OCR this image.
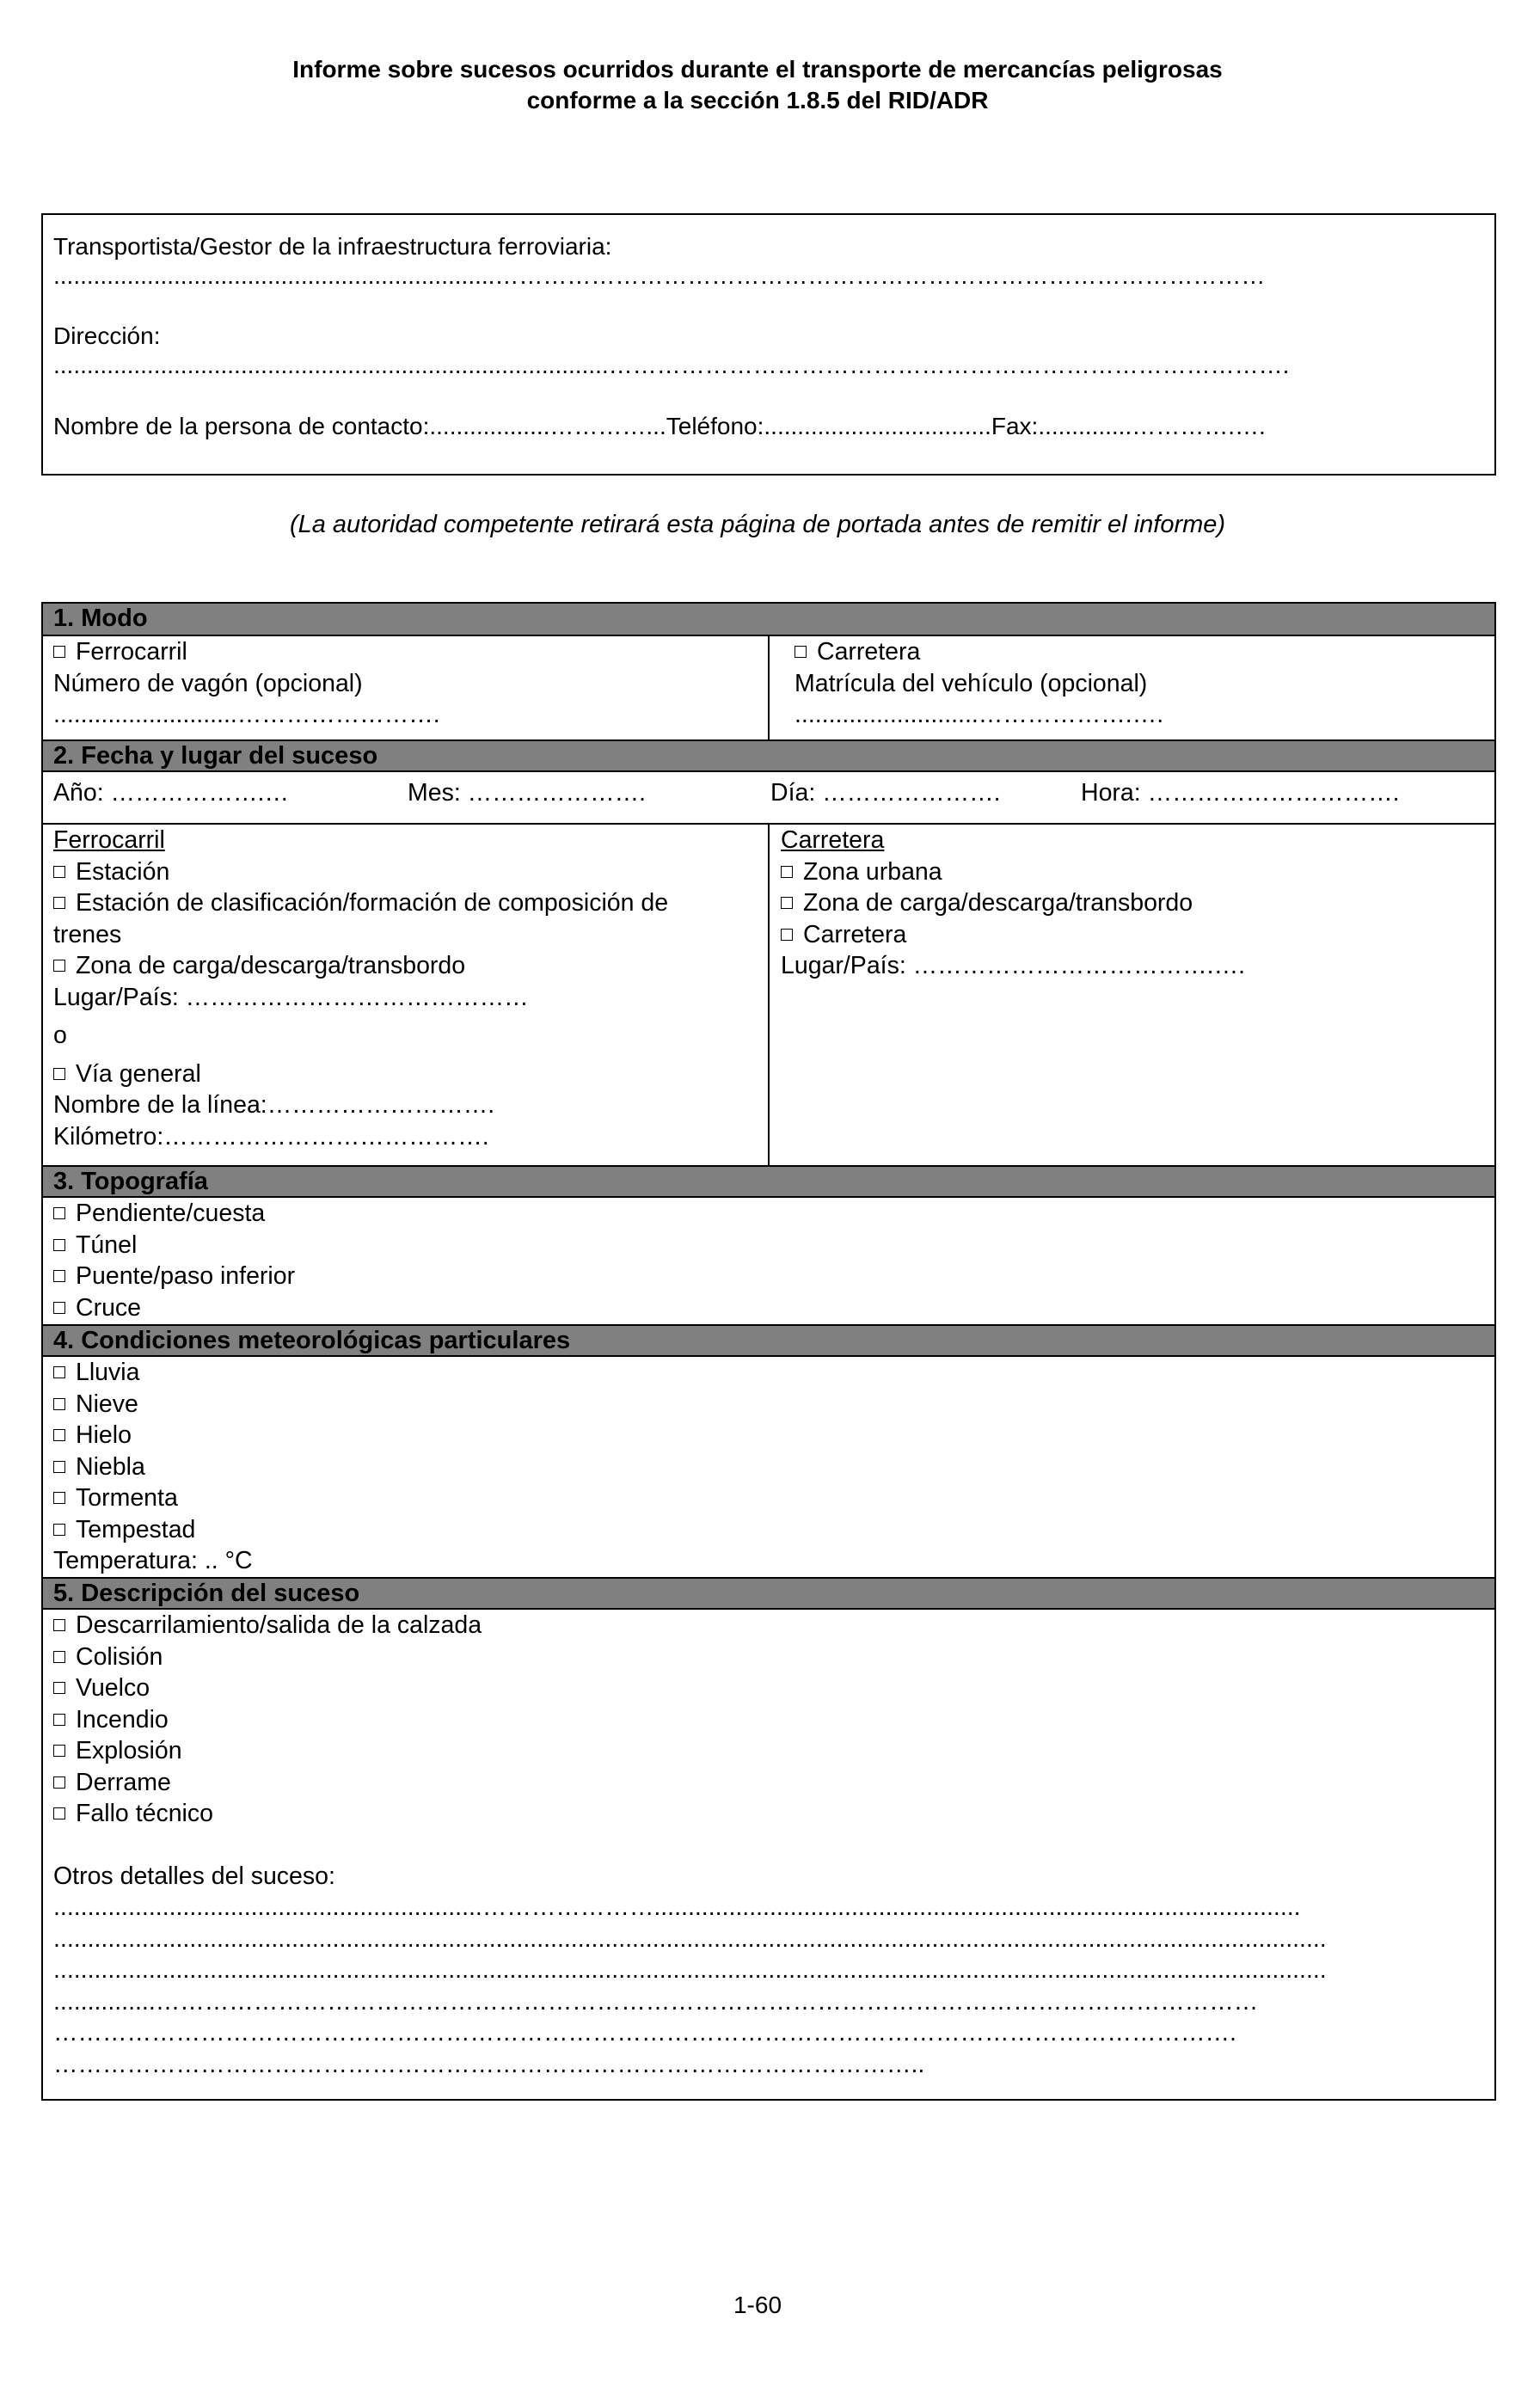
Informe sobre sucesos ocurridos durante el transporte de mercancías peligrosas
conforme a la sección 1.8.5 del RID/ADR
Transportista/Gestor de la infraestructura ferroviaria:
..................................................................……………………………………………………………………………………
Dirección:
...................................................................................………………………………………………………………………….
Nombre de la persona de contacto:..................…………...Teléfono:..................................Fax:..............………….….
(La autoridad competente retirará esta página de portada antes de remitir el informe)
1. Modo
Ferrocarril
Número de vagón (opcional)
...........................…………………….
Carretera
Matrícula del vehículo (opcional)
...........................……………….….
2. Fecha y lugar del suceso
Año: ……………….…	Mes: ………………….	Día: ………………….	Hora: ………………………….
Ferrocarril
Estación
Estación de clasificación/formación de composición de
trenes
Zona de carga/descarga/transbordo
Lugar/País: ……………………………………
o
Vía general
Nombre de la línea:……………………….
Kilómetro:………………………………….
Carretera
Zona urbana
Zona de carga/descarga/transbordo
Carretera
Lugar/País: ……………………………….….
3. Topografía
Pendiente/cuesta
Túnel
Puente/paso inferior
Cruce
4. Condiciones meteorológicas particulares
Lluvia
Nieve
Hielo
Niebla
Tormenta
Tempestad
Temperatura: .. °C
5. Descripción del suceso
Descarrilamiento/salida de la calzada
Colisión
Vuelco
Incendio
Explosión
Derrame
Fallo técnico
Otros detalles del suceso:
...............................................................…………………...............................................................................................
...........................................................................................................................................................................................
...........................................................................................................................................................................................
...............………………………………………………………………………………………………………………………
……………………………………………………………………………………………………………………………….
……………………………………………………………………………………………..
1-60
